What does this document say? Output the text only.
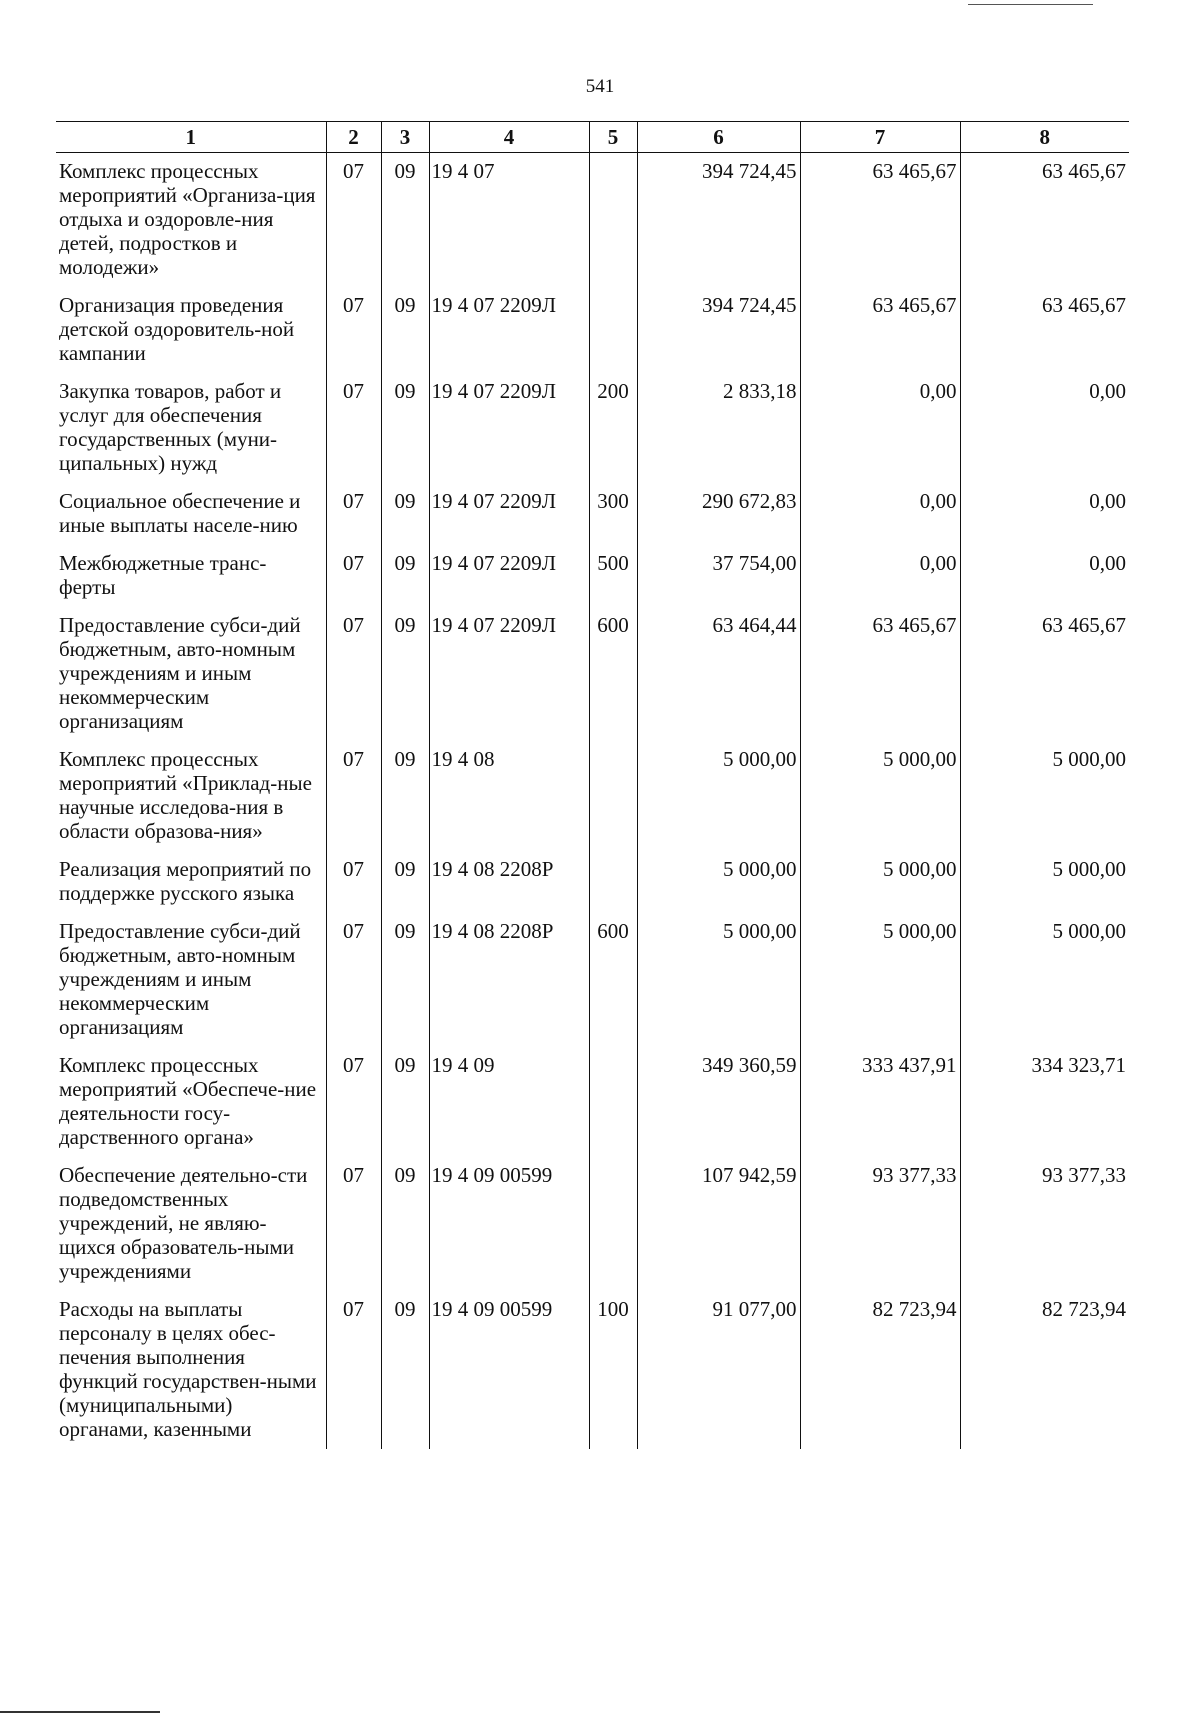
541
1	2	3	4	5	6	7	8
Комплекс процессных мероприятий «Организа-ция отдыха и оздоровле-ния детей, подростков и молодежи»	07	09	19 4 07		394 724,45	63 465,67	63 465,67
Организация проведения детской оздоровитель-ной кампании	07	09	19 4 07 2209Л		394 724,45	63 465,67	63 465,67
Закупка товаров, работ и услуг для обеспечения государственных (муни-ципальных) нужд	07	09	19 4 07 2209Л	200	2 833,18	0,00	0,00
Социальное обеспечение и иные выплаты населе-нию	07	09	19 4 07 2209Л	300	290 672,83	0,00	0,00
Межбюджетные транс-ферты	07	09	19 4 07 2209Л	500	37 754,00	0,00	0,00
Предоставление субси-дий бюджетным, авто-номным учреждениям и иным некоммерческим организациям	07	09	19 4 07 2209Л	600	63 464,44	63 465,67	63 465,67
Комплекс процессных мероприятий «Приклад-ные научные исследова-ния в области образова-ния»	07	09	19 4 08		5 000,00	5 000,00	5 000,00
Реализация мероприятий по поддержке русского языка	07	09	19 4 08 2208Р		5 000,00	5 000,00	5 000,00
Предоставление субси-дий бюджетным, авто-номным учреждениям и иным некоммерческим организациям	07	09	19 4 08 2208Р	600	5 000,00	5 000,00	5 000,00
Комплекс процессных мероприятий «Обеспече-ние деятельности госу-дарственного органа»	07	09	19 4 09		349 360,59	333 437,91	334 323,71
Обеспечение деятельно-сти подведомственных учреждений, не являю-щихся образователь-ными учреждениями	07	09	19 4 09 00599		107 942,59	93 377,33	93 377,33
Расходы на выплаты персоналу в целях обес-печения выполнения функций государствен-ными (муниципальными) органами, казенными	07	09	19 4 09 00599	100	91 077,00	82 723,94	82 723,94
